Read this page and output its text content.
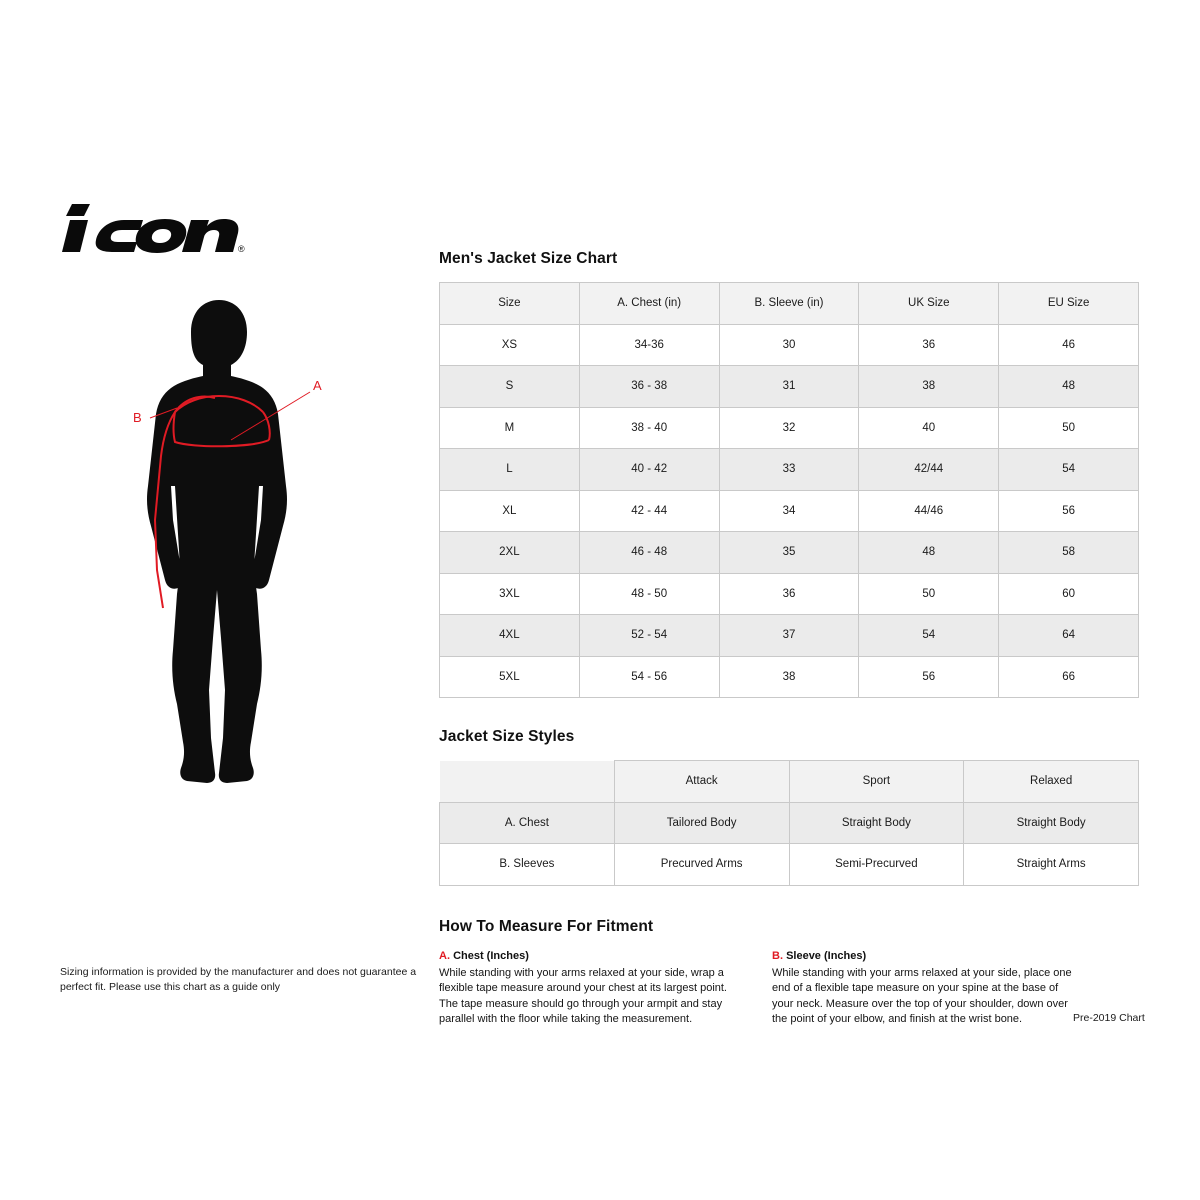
®
A
B
Sizing information is provided by the manufacturer and does not guarantee a perfect fit. Please use this chart as a guide only
Men's Jacket Size Chart
Size	A. Chest (in)	B. Sleeve (in)	UK Size	EU Size
XS	34-36	30	36	46
S	36 - 38	31	38	48
M	38 - 40	32	40	50
L	40 - 42	33	42/44	54
XL	42 - 44	34	44/46	56
2XL	46 - 48	35	48	58
3XL	48 - 50	36	50	60
4XL	52 - 54	37	54	64
5XL	54 - 56	38	56	66
Jacket Size Styles
	Attack	Sport	Relaxed
A. Chest	Tailored Body	Straight Body	Straight Body
B. Sleeves	Precurved Arms	Semi-Precurved	Straight Arms
How To Measure For Fitment
A. Chest (Inches)
While standing with your arms relaxed at your side, wrap a flexible tape measure around your chest at its largest point. The tape measure should go through your armpit and stay parallel with the floor while taking the measurement.
B. Sleeve (Inches)
While standing with your arms relaxed at your side, place one end of a flexible tape measure on your spine at the base of your neck. Measure over the top of your shoulder, down over the point of your elbow, and finish at the wrist bone.	Pre-2019 Chart
